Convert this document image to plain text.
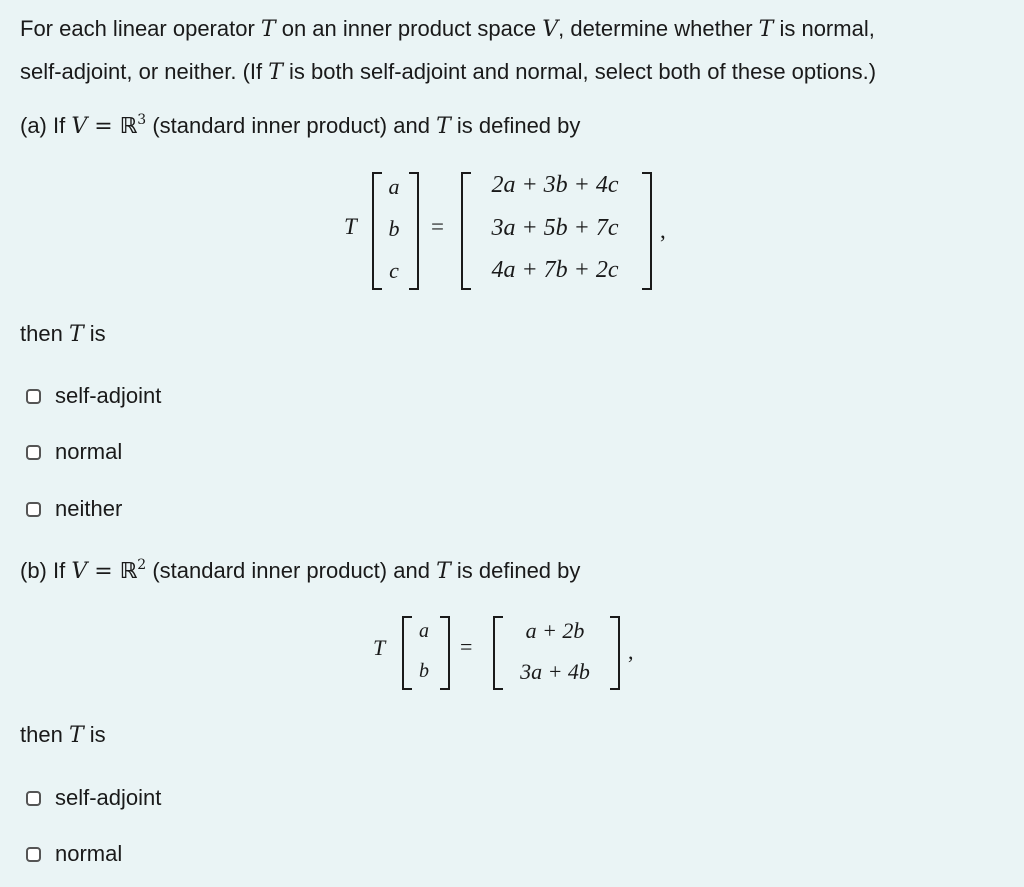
For each linear operator T on an inner product space V, determine whether T is normal,
self-adjoint, or neither. (If T is both self-adjoint and normal, select both of these options.)
(a) If V = ℝ$^3$ (standard inner product) and T is defined by
T
a
b
c
=
2a + 3b + 4c
3a + 5b + 7c
4a + 7b + 2c
,
then T is
self-adjoint
normal
neither
(b) If V = ℝ$^2$ (standard inner product) and T is defined by
T
a
b
=
a + 2b
3a + 4b
,
then T is
self-adjoint
normal
